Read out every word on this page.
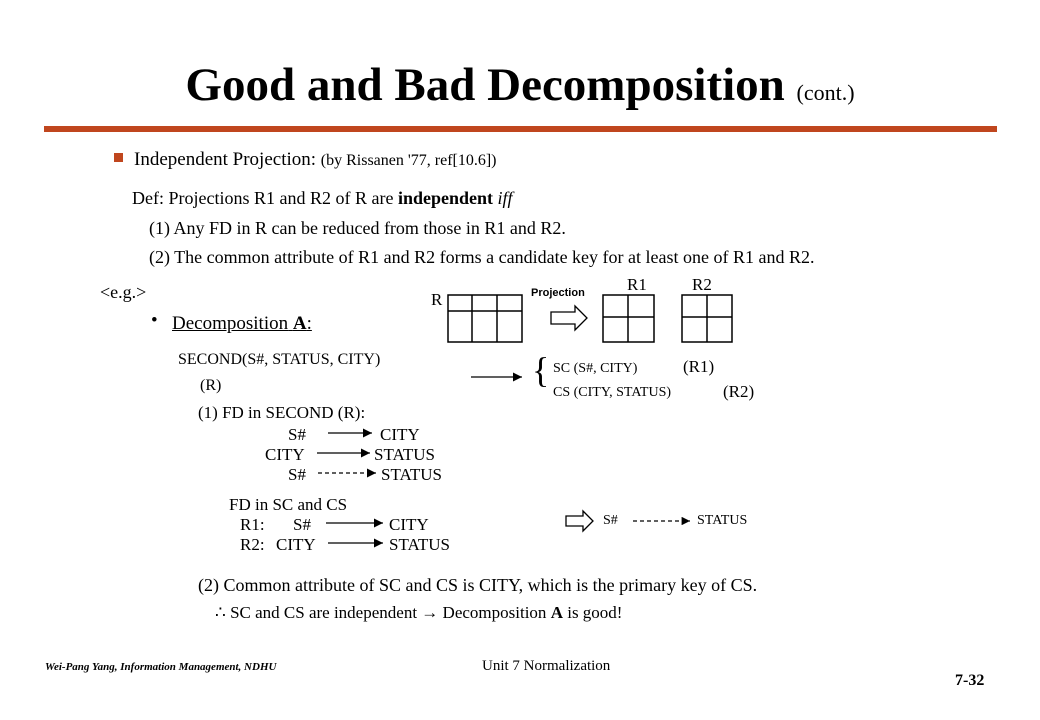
Good and Bad Decomposition (cont.)
Independent Projection: (by Rissanen '77, ref[10.6])
Def: Projections R1 and R2 of R are independent iff
(1) Any FD in R can be reduced from those in R1 and R2.
(2) The common attribute of R1 and R2 forms a candidate key for at least one of R1 and R2.
<e.g.>
• Decomposition A:
R	Projection R1	R2
SECOND(S#, STATUS, CITY)
(R)	{ SC (S#, CITY)	(R1)
CS (CITY, STATUS)	(R2)
(1) FD in SECOND (R):
S#	CITY
CITY	STATUS
S#	STATUS
FD in SC and CS
R1: S#	CITY
R2: CITY	STATUS
S#	STATUS
(2) Common attribute of SC and CS is CITY, which is the primary key of CS.
∴ SC and CS are independent → Decomposition A is good!
Wei-Pang Yang, Information Management, NDHU	Unit 7 Normalization
7-32
